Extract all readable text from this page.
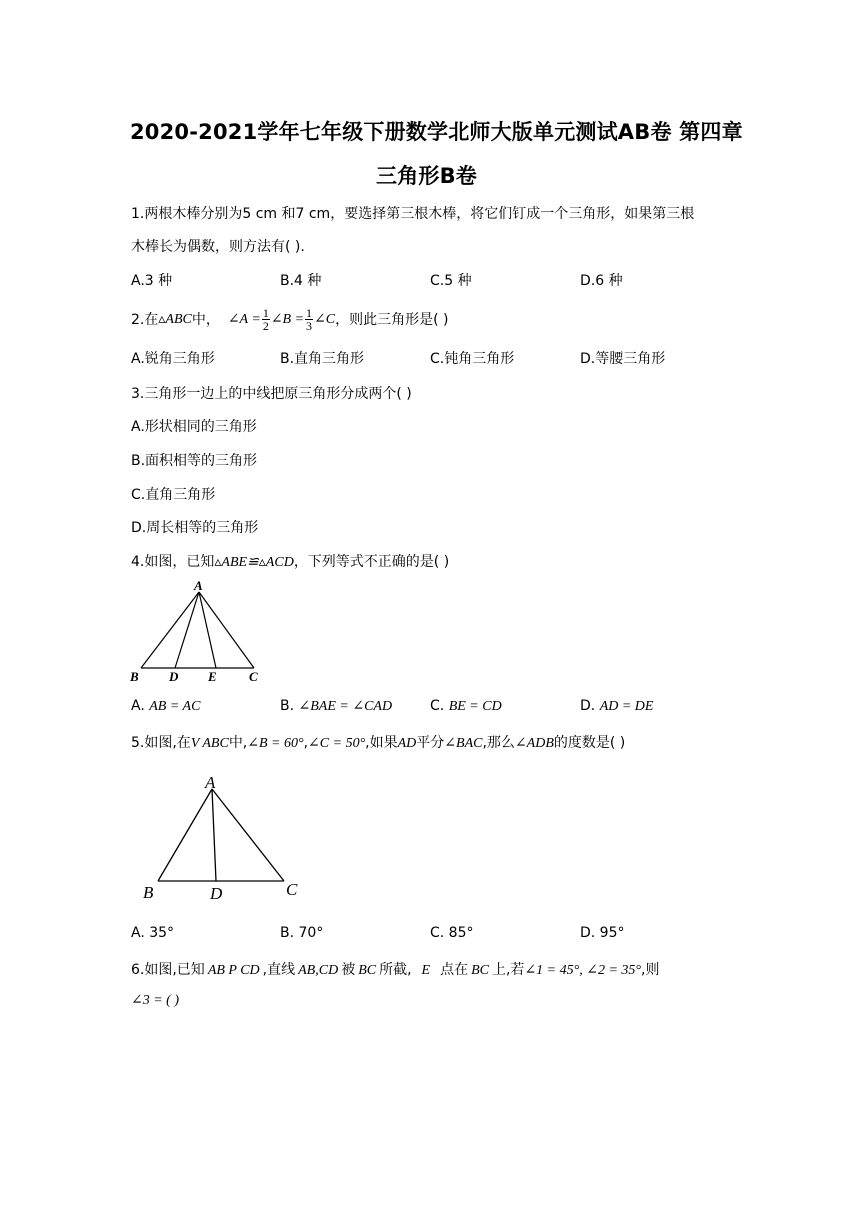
2020-2021学年七年级下册数学北师大版单元测试AB卷 第四章
三角形B卷
1.两根木棒分别为5 cm 和7 cm，要选择第三根木棒，将它们钉成一个三角形，如果第三根
木棒长为偶数，则方法有( ).
A.3 种	B.4 种	C.5 种	D.6 种
2.在 ▵ABC 中， ∠A = $\frac{1}{2}$ ∠B = $\frac{1}{3}$ ∠C ，则此三角形是( )
A.锐角三角形	B.直角三角形	C.钝角三角形	D.等腰三角形
3.三角形一边上的中线把原三角形分成两个( )
A.形状相同的三角形
B.面积相等的三角形
C.直角三角形
D.周长相等的三角形
4.如图，已知▵ABE≌▵ACD，下列等式不正确的是( )
A
B D E C
A. AB = AC	B. ∠BAE = ∠CAD	C. BE = CD	D. AD = DE
5.如图,在V ABC中,∠B = 60°,∠C = 50°,如果AD平分∠BAC,那么∠ADB的度数是( )
A
B	D	C
A. 35°	B. 70°	C. 85°	D. 95°
6.如图,已知 AB P CD ,直线 AB,CD 被 BC 所截, E 点在 BC 上,若∠1 = 45°, ∠2 = 35°,则
∠3 = ( )
